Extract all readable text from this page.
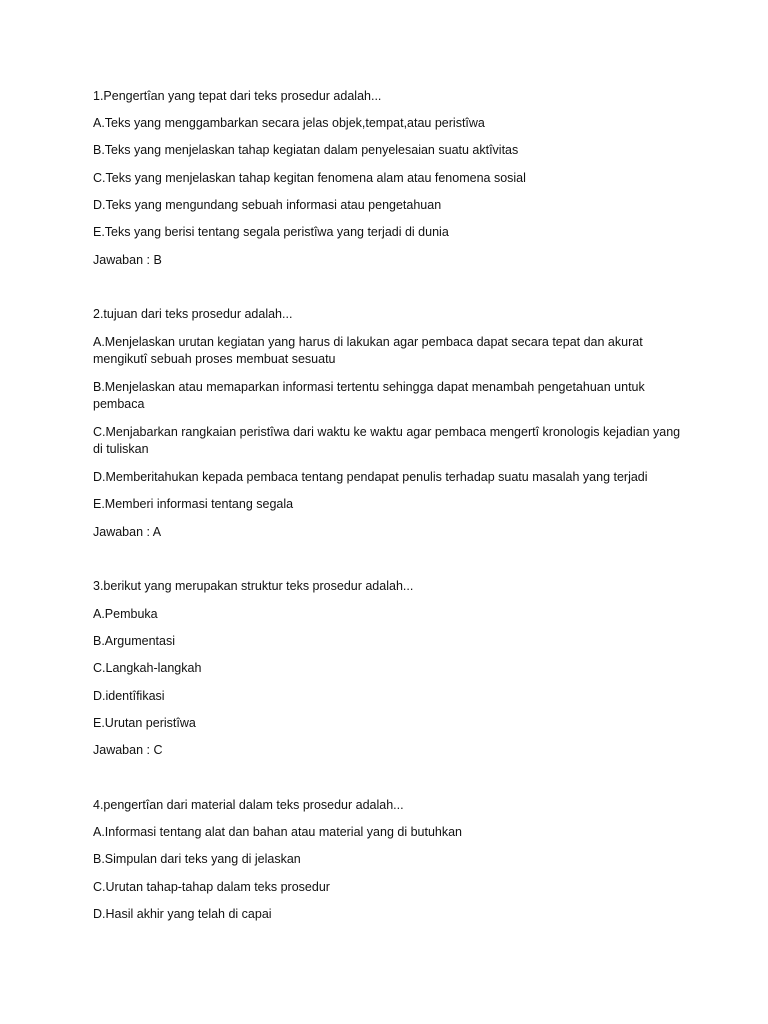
1.Pengertîan yang tepat dari teks prosedur adalah...
A.Teks yang menggambarkan secara jelas objek,tempat,atau peristîwa
B.Teks yang menjelaskan tahap kegiatan dalam penyelesaian suatu aktîvitas
C.Teks yang menjelaskan tahap kegitan fenomena alam atau fenomena sosial
D.Teks yang mengundang sebuah informasi atau pengetahuan
E.Teks yang berisi tentang segala peristîwa yang terjadi di dunia
Jawaban : B
2.tujuan dari teks prosedur adalah...
A.Menjelaskan urutan kegiatan yang harus di lakukan agar pembaca dapat secara tepat dan akurat mengikutî sebuah proses membuat sesuatu
B.Menjelaskan atau memaparkan informasi tertentu sehingga dapat menambah pengetahuan untuk pembaca
C.Menjabarkan rangkaian peristîwa dari waktu ke waktu agar pembaca mengertî kronologis kejadian yang di tuliskan
D.Memberitahukan kepada pembaca tentang pendapat penulis terhadap suatu masalah yang terjadi
E.Memberi informasi tentang segala
Jawaban : A
3.berikut yang merupakan struktur teks prosedur adalah...
A.Pembuka
B.Argumentasi
C.Langkah-langkah
D.identîfikasi
E.Urutan peristîwa
Jawaban : C
4.pengertîan dari material dalam teks prosedur adalah...
A.Informasi tentang alat dan bahan atau material yang di butuhkan
B.Simpulan dari teks yang di jelaskan
C.Urutan tahap-tahap dalam teks prosedur
D.Hasil akhir yang telah di capai
